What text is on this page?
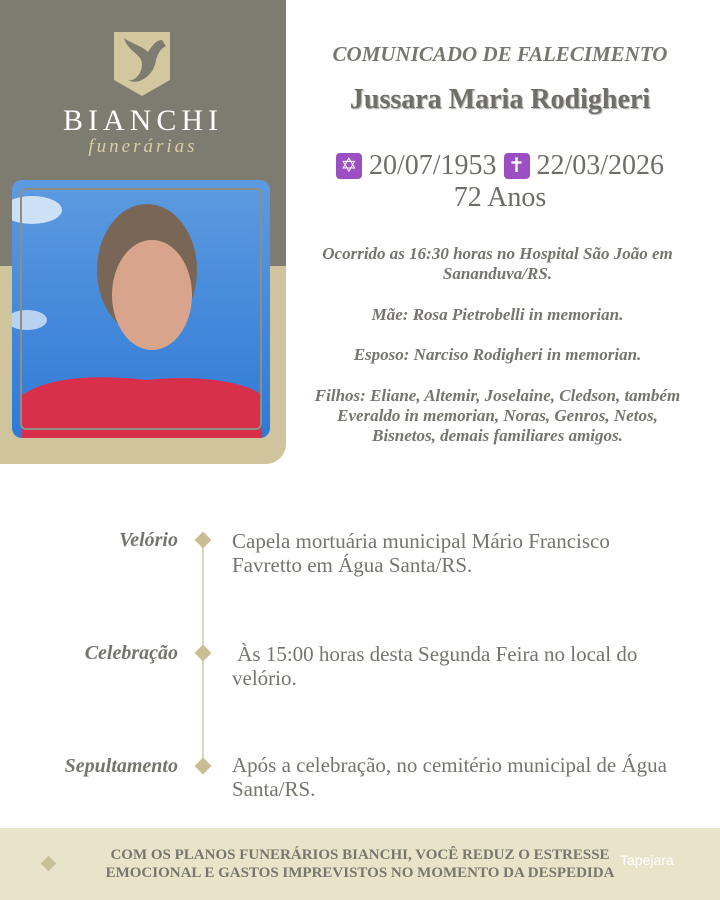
BIANCHI
funerárias
COMUNICADO DE FALECIMENTO
Jussara Maria Rodigheri
✡ 20/07/1953 ✝ 22/03/2026
72 Anos
Ocorrido as 16:30 horas no Hospital São João em Sananduva/RS.
Mãe: Rosa Pietrobelli in memorian.
Esposo: Narciso Rodigheri in memorian.
Filhos: Eliane, Altemir, Joselaine, Cledson, também Everaldo in memorian, Noras, Genros, Netos, Bisnetos, demais familiares amigos.
Velório	Capela mortuária municipal Mário Francisco Favretto em Água Santa/RS.
Celebração	Às 15:00 horas desta Segunda Feira no local do velório.
Sepultamento	Após a celebração, no cemitério municipal de Água Santa/RS.
COM OS PLANOS FUNERÁRIOS BIANCHI, VOCÊ REDUZ O ESTRESSE EMOCIONAL E GASTOS IMPREVISTOS NO MOMENTO DA DESPEDIDA
Tapejara
